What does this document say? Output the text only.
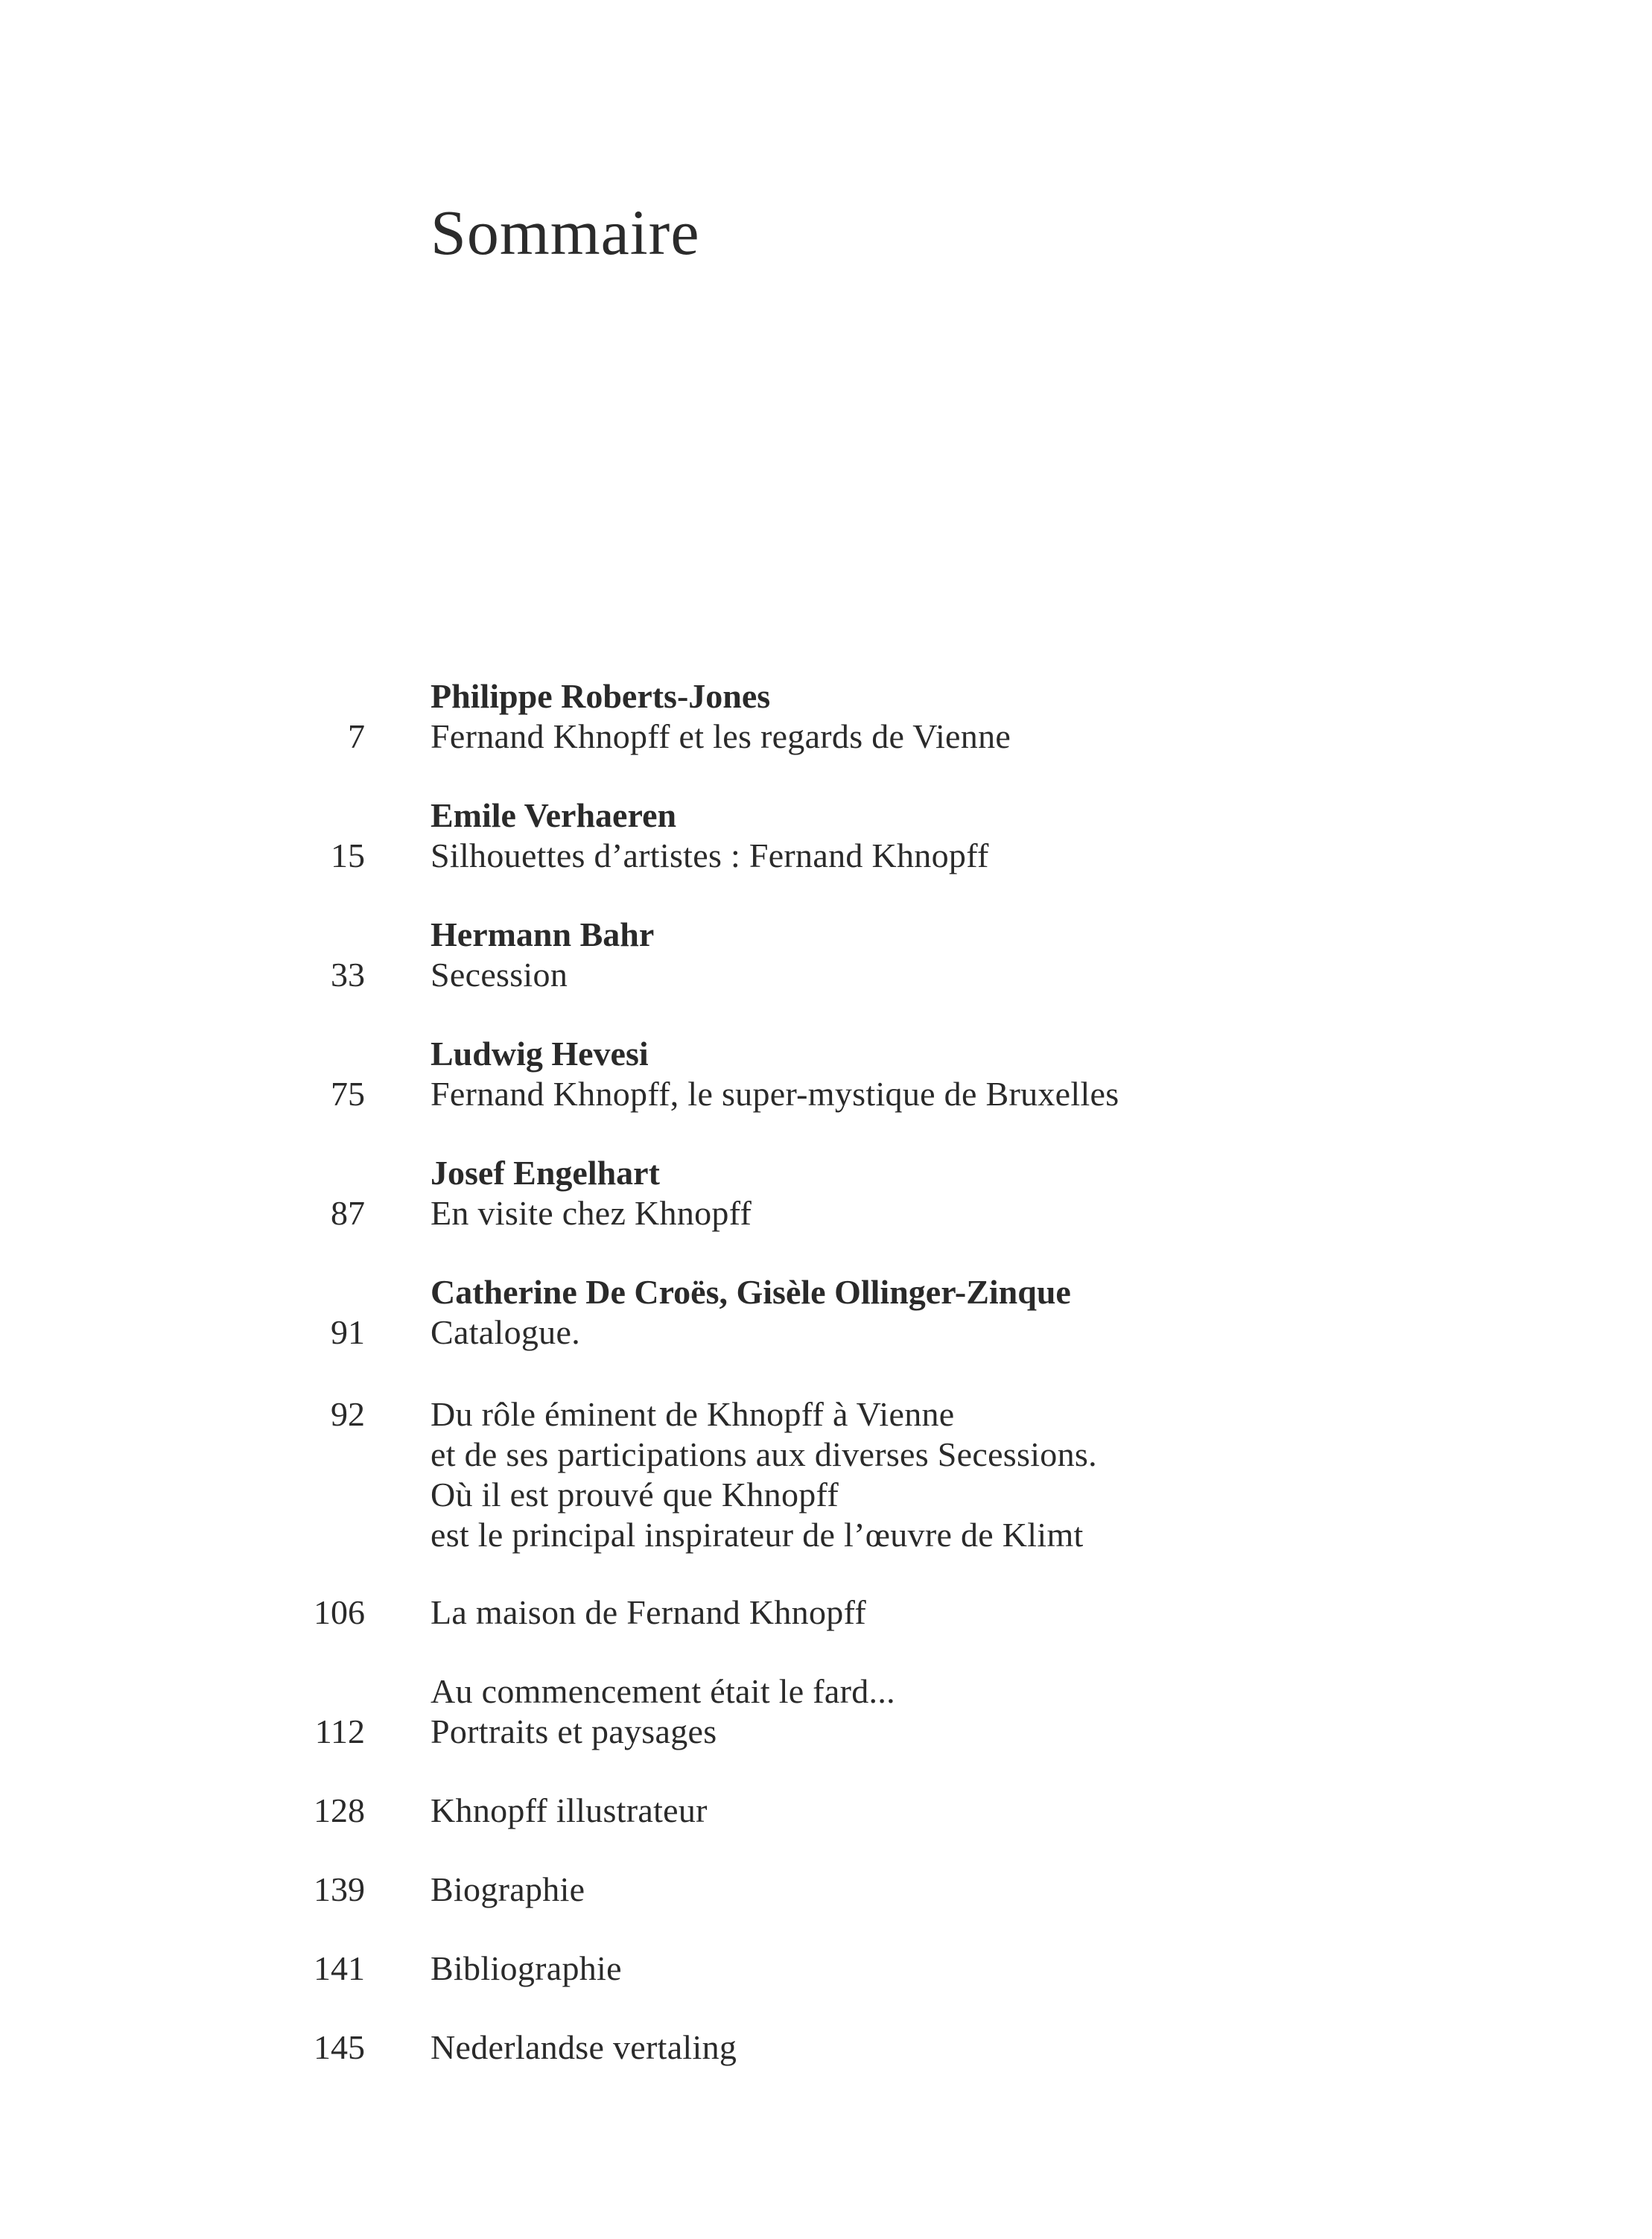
Sommaire
Philippe Roberts-Jones
7 Fernand Khnopff et les regards de Vienne
Emile Verhaeren
15 Silhouettes d’artistes : Fernand Khnopff
Hermann Bahr
33 Secession
Ludwig Hevesi
75 Fernand Khnopff, le super-mystique de Bruxelles
Josef Engelhart
87 En visite chez Khnopff
Catherine De Croës, Gisèle Ollinger-Zinque
91 Catalogue.
92 Du rôle éminent de Khnopff à Vienne
et de ses participations aux diverses Secessions.
Où il est prouvé que Khnopff
est le principal inspirateur de l’œuvre de Klimt
106 La maison de Fernand Khnopff
Au commencement était le fard...
112 Portraits et paysages
128 Khnopff illustrateur
139 Biographie
141 Bibliographie
145 Nederlandse vertaling
